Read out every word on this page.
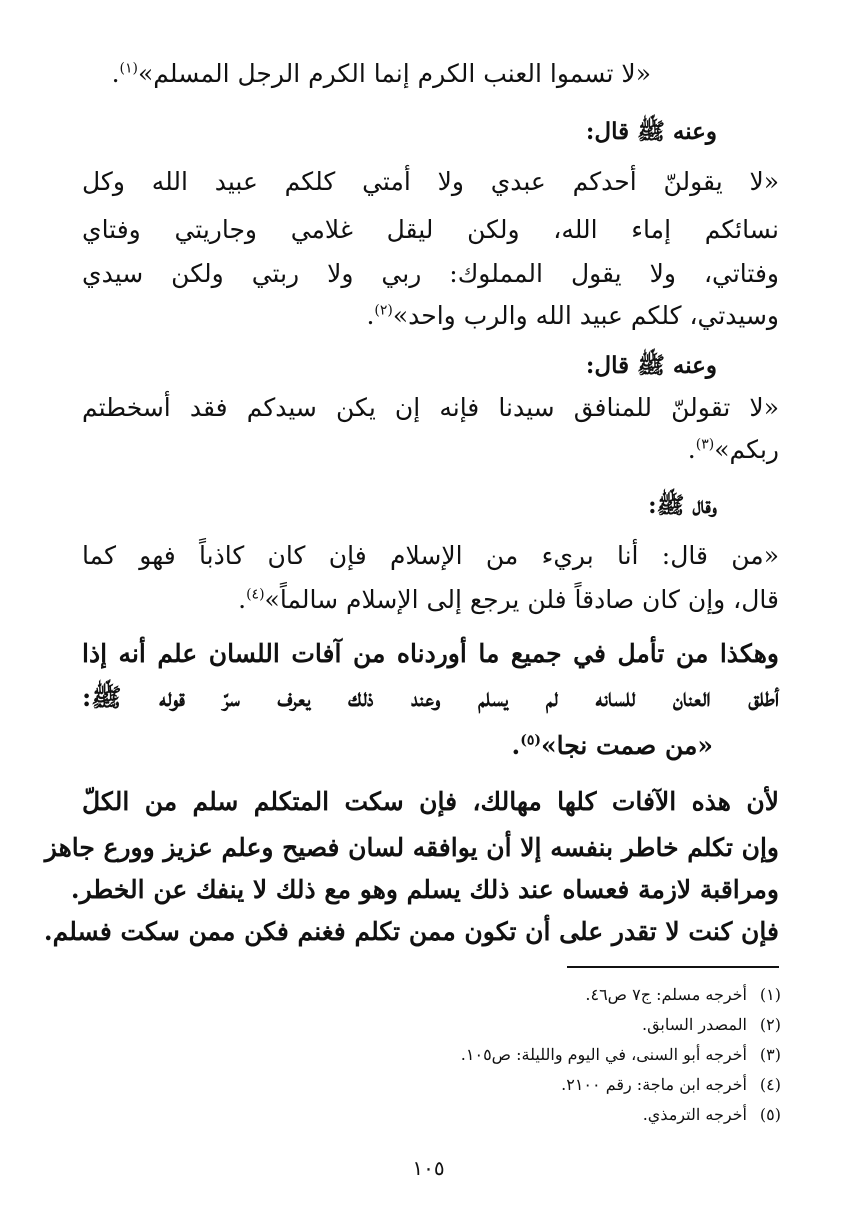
«لا تسموا العنب الكرم إنما الكرم الرجل المسلم»$^{(١)}$.
وعنه ﷺ قال:
«لا يقولنّ أحدكم عبدي ولا أمتي كلكم عبيد الله وكل
نسائكم إماء الله، ولكن ليقل غلامي وجاريتي وفتاي
وفتاتي، ولا يقول المملوك: ربي ولا ربتي ولكن سيدي
وسيدتي، كلكم عبيد الله والرب واحد»$^{(٢)}$.
وعنه ﷺ قال:
«لا تقولنّ للمنافق سيدنا فإنه إن يكن سيدكم فقد أسخطتم
ربكم»$^{(٣)}$.
وقال ﷺ:
«من قال: أنا بريء من الإسلام فإن كان كاذباً فهو كما
قال، وإن كان صادقاً فلن يرجع إلى الإسلام سالماً»$^{(٤)}$.
وهكذا من تأمل في جميع ما أوردناه من آفات اللسان علم أنه إذا
أطلق العنان للسانه لم يسلم وعند ذلك يعرف سرّ قوله ﷺ:
«من صمت نجا»$^{(٥)}$.
لأن هذه الآفات كلها مهالك، فإن سكت المتكلم سلم من الكلّ
وإن تكلم خاطر بنفسه إلا أن يوافقه لسان فصيح وعلم عزيز وورع جاهز
ومراقبة لازمة فعساه عند ذلك يسلم وهو مع ذلك لا ينفك عن الخطر.
فإن كنت لا تقدر على أن تكون ممن تكلم فغنم فكن ممن سكت فسلم.
(١)أخرجه مسلم: ج٧ ص٤٦.
(٢)المصدر السابق.
(٣)أخرجه أبو السنى، في اليوم والليلة: ص١٠٥.
(٤)أخرجه ابن ماجة: رقم ٢١٠٠.
(٥)أخرجه الترمذي.
١٠٥
